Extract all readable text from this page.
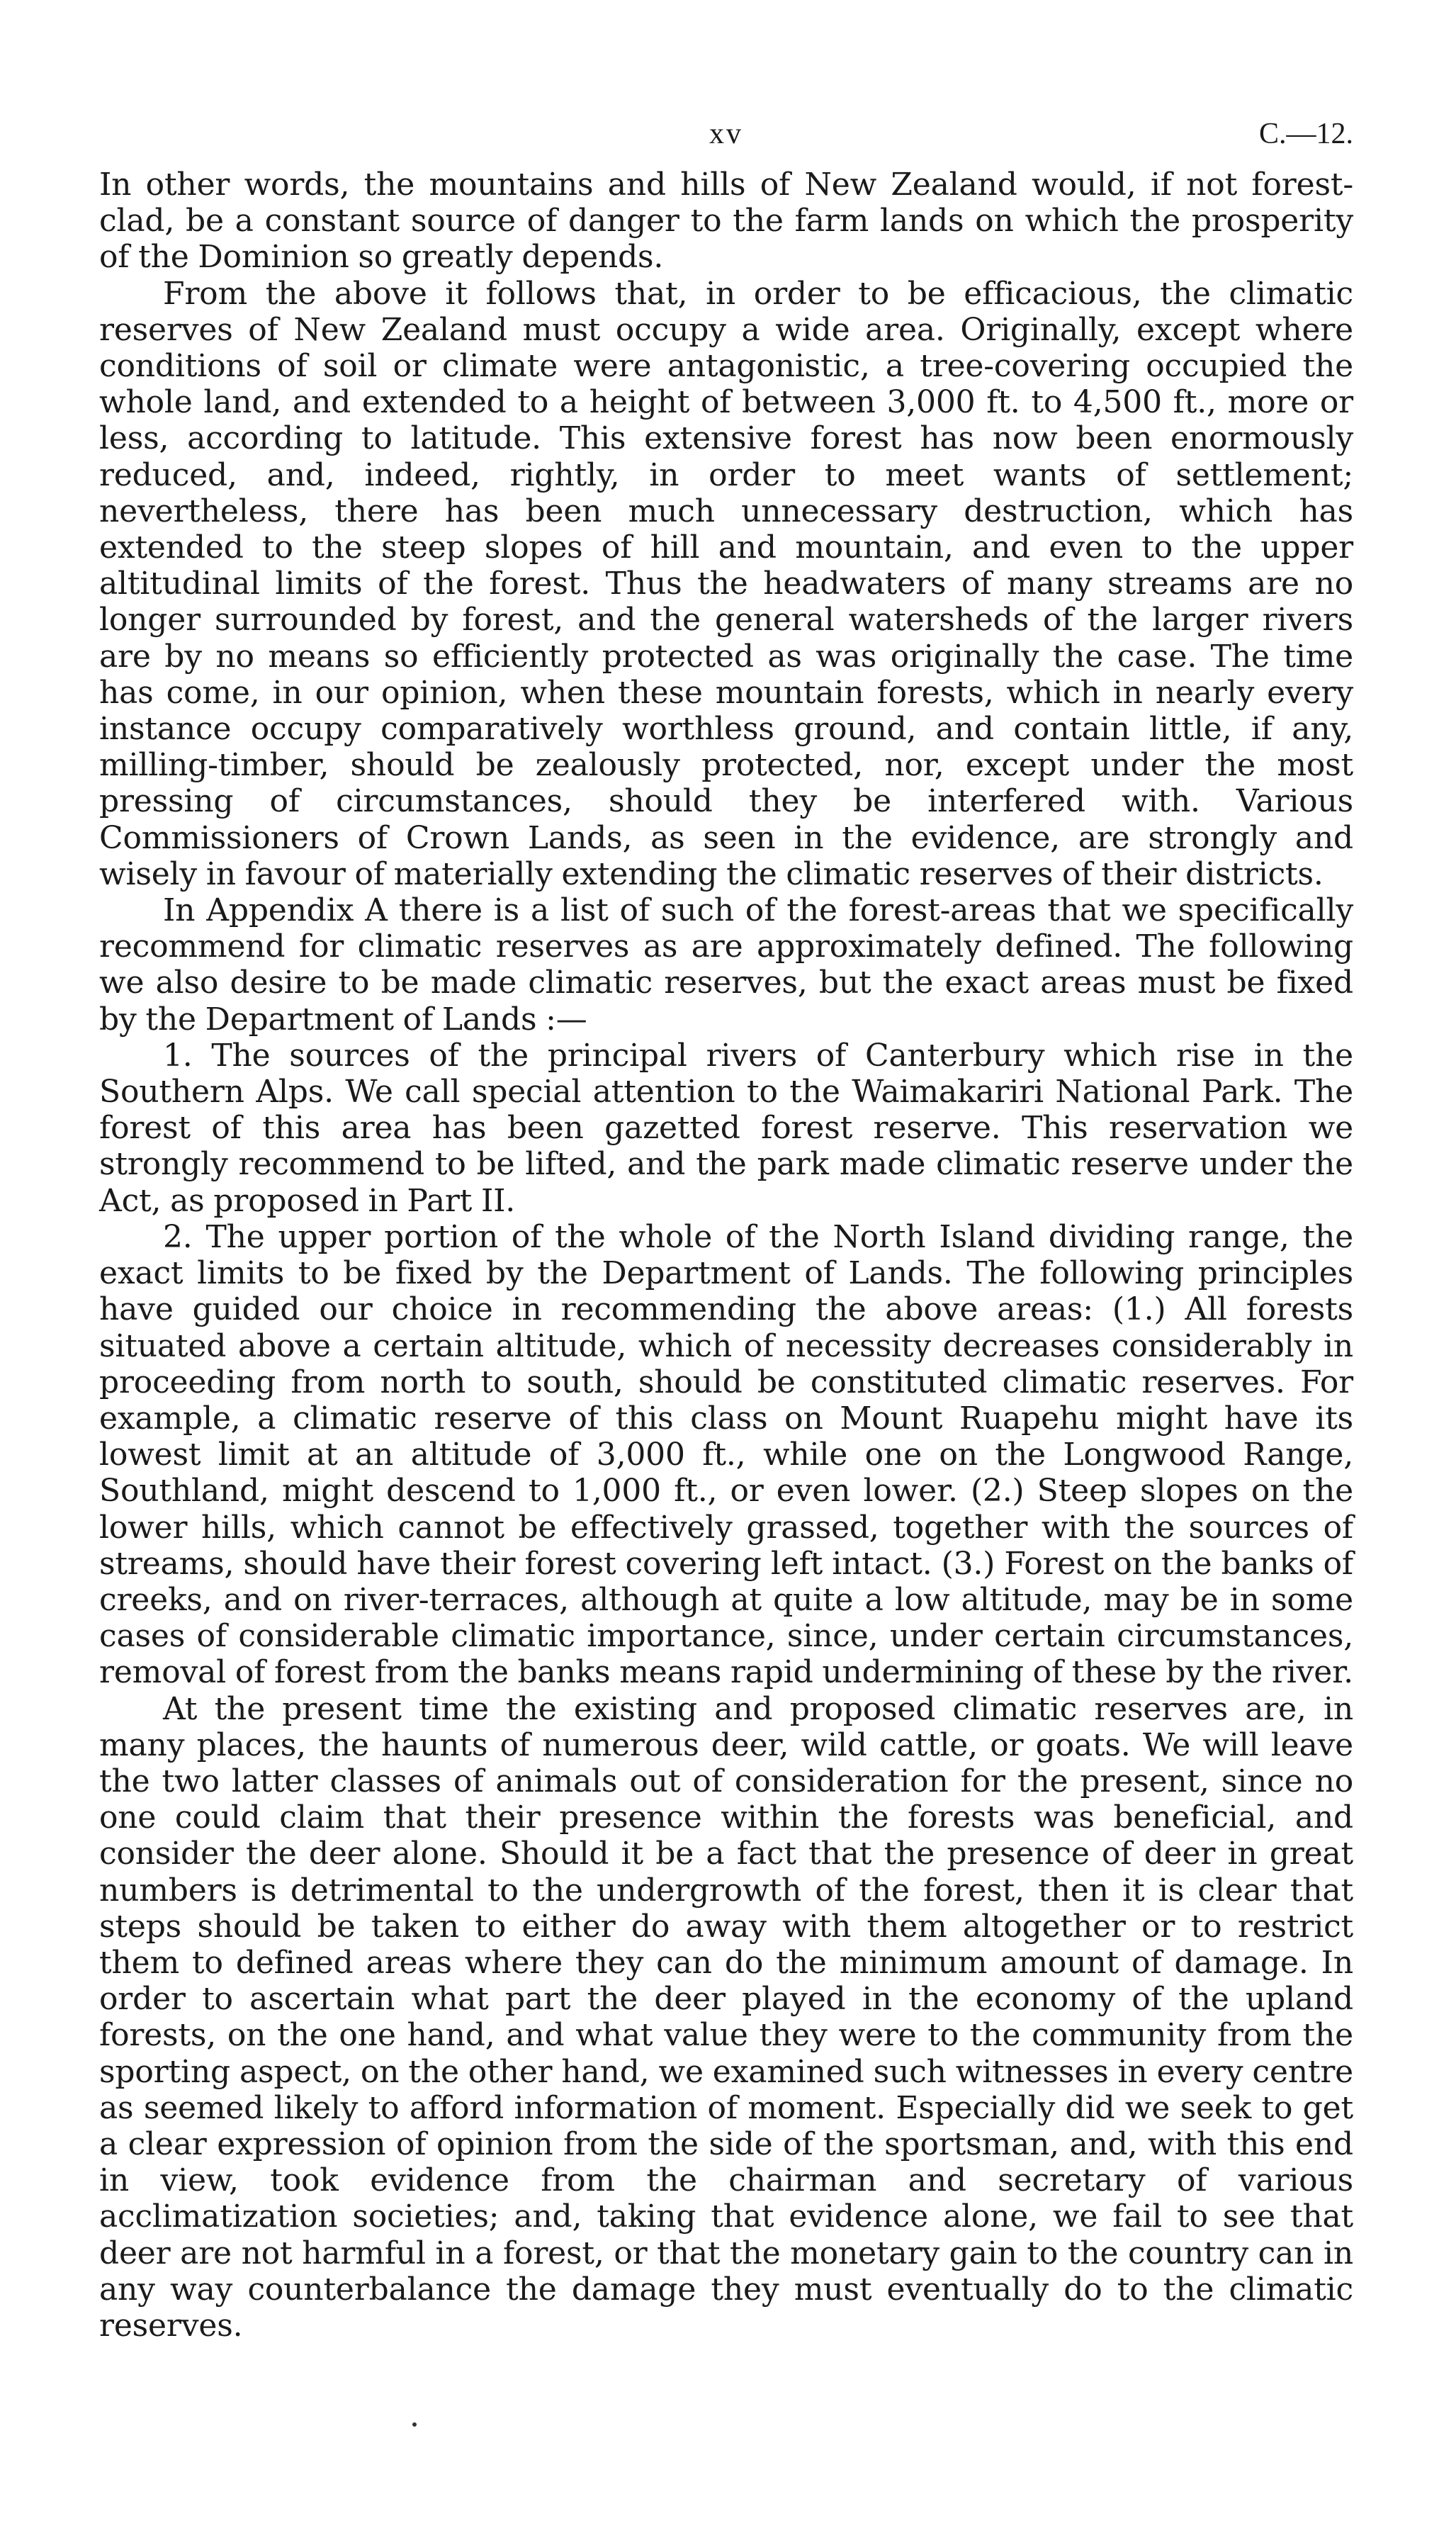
xv	C.—12.

In other words, the mountains and hills of New Zealand would, if not forest-clad, be a constant source of danger to the farm lands on which the prosperity of the Dominion so greatly depends.

From the above it follows that, in order to be efficacious, the climatic reserves of New Zealand must occupy a wide area. Originally, except where conditions of soil or climate were antagonistic, a tree-covering occupied the whole land, and extended to a height of between 3,000 ft. to 4,500 ft., more or less, according to latitude. This extensive forest has now been enormously reduced, and, indeed, rightly, in order to meet wants of settlement; nevertheless, there has been much unnecessary destruction, which has extended to the steep slopes of hill and mountain, and even to the upper altitudinal limits of the forest. Thus the headwaters of many streams are no longer surrounded by forest, and the general watersheds of the larger rivers are by no means so efficiently protected as was originally the case. The time has come, in our opinion, when these mountain forests, which in nearly every instance occupy comparatively worthless ground, and contain little, if any, milling-timber, should be zealously protected, nor, except under the most pressing of circumstances, should they be interfered with. Various Commissioners of Crown Lands, as seen in the evidence, are strongly and wisely in favour of materially extending the climatic reserves of their districts.

In Appendix A there is a list of such of the forest-areas that we specifically recommend for climatic reserves as are approximately defined. The following we also desire to be made climatic reserves, but the exact areas must be fixed by the Department of Lands :—

1. The sources of the principal rivers of Canterbury which rise in the Southern Alps. We call special attention to the Waimakariri National Park. The forest of this area has been gazetted forest reserve. This reservation we strongly recommend to be lifted, and the park made climatic reserve under the Act, as proposed in Part II.

2. The upper portion of the whole of the North Island dividing range, the exact limits to be fixed by the Department of Lands. The following principles have guided our choice in recommending the above areas: (1.) All forests situated above a certain altitude, which of necessity decreases considerably in proceeding from north to south, should be constituted climatic reserves. For example, a climatic reserve of this class on Mount Ruapehu might have its lowest limit at an altitude of 3,000 ft., while one on the Longwood Range, Southland, might descend to 1,000 ft., or even lower. (2.) Steep slopes on the lower hills, which cannot be effectively grassed, together with the sources of streams, should have their forest covering left intact. (3.) Forest on the banks of creeks, and on river-terraces, although at quite a low altitude, may be in some cases of considerable climatic importance, since, under certain circumstances, removal of forest from the banks means rapid undermining of these by the river.

At the present time the existing and proposed climatic reserves are, in many places, the haunts of numerous deer, wild cattle, or goats. We will leave the two latter classes of animals out of consideration for the present, since no one could claim that their presence within the forests was beneficial, and consider the deer alone. Should it be a fact that the presence of deer in great numbers is detrimental to the undergrowth of the forest, then it is clear that steps should be taken to either do away with them altogether or to restrict them to defined areas where they can do the minimum amount of damage. In order to ascertain what part the deer played in the economy of the upland forests, on the one hand, and what value they were to the community from the sporting aspect, on the other hand, we examined such witnesses in every centre as seemed likely to afford information of moment. Especially did we seek to get a clear expression of opinion from the side of the sportsman, and, with this end in view, took evidence from the chairman and secretary of various acclimatization societies; and, taking that evidence alone, we fail to see that deer are not harmful in a forest, or that the monetary gain to the country can in any way counterbalance the damage they must eventually do to the climatic reserves.
